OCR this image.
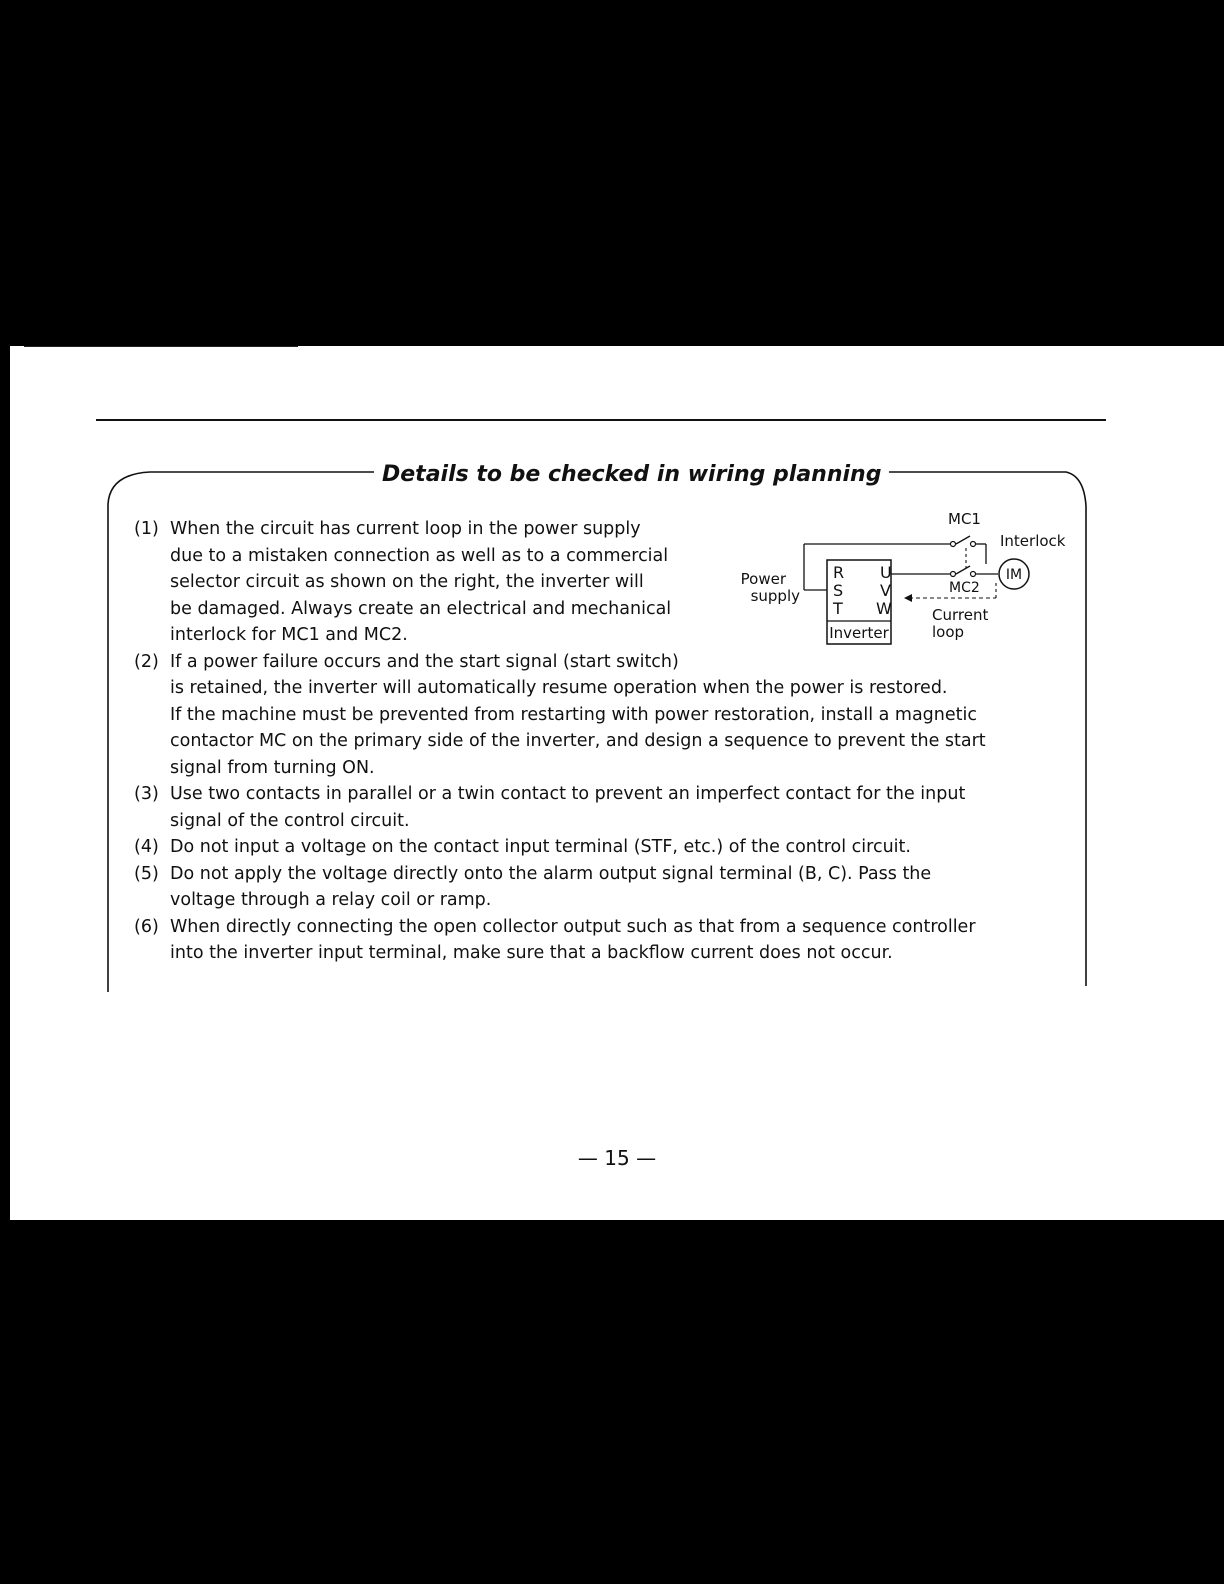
Details to be checked in wiring planning
(1) When the circuit has current loop in the power supply

due to a mistaken connection as well as to a commercial

selector circuit as shown on the right, the inverter will

be damaged. Always create an electrical and mechanical

interlock for MC1 and MC2.

(2) If a power failure occurs and the start signal (start switch)

is retained, the inverter will automatically resume operation when the power is restored.

If the machine must be prevented from restarting with power restoration, install a magnetic

contactor MC on the primary side of the inverter, and design a sequence to prevent the start

signal from turning ON.

(3) Use two contacts in parallel or a twin contact to prevent an imperfect contact for the input

signal of the control circuit.

(4) Do not input a voltage on the contact input terminal (STF, etc.) of the control circuit.

(5) Do not apply the voltage directly onto the alarm output signal terminal (B, C). Pass the

voltage through a relay coil or ramp.

(6) When directly connecting the open collector output such as that from a sequence controller

into the inverter input terminal, make sure that a backflow current does not occur.

Power
supply
R
S
T
U
V
W
Inverter
MC1
Interlock
MC2
IM
Current
loop
— 15 —
